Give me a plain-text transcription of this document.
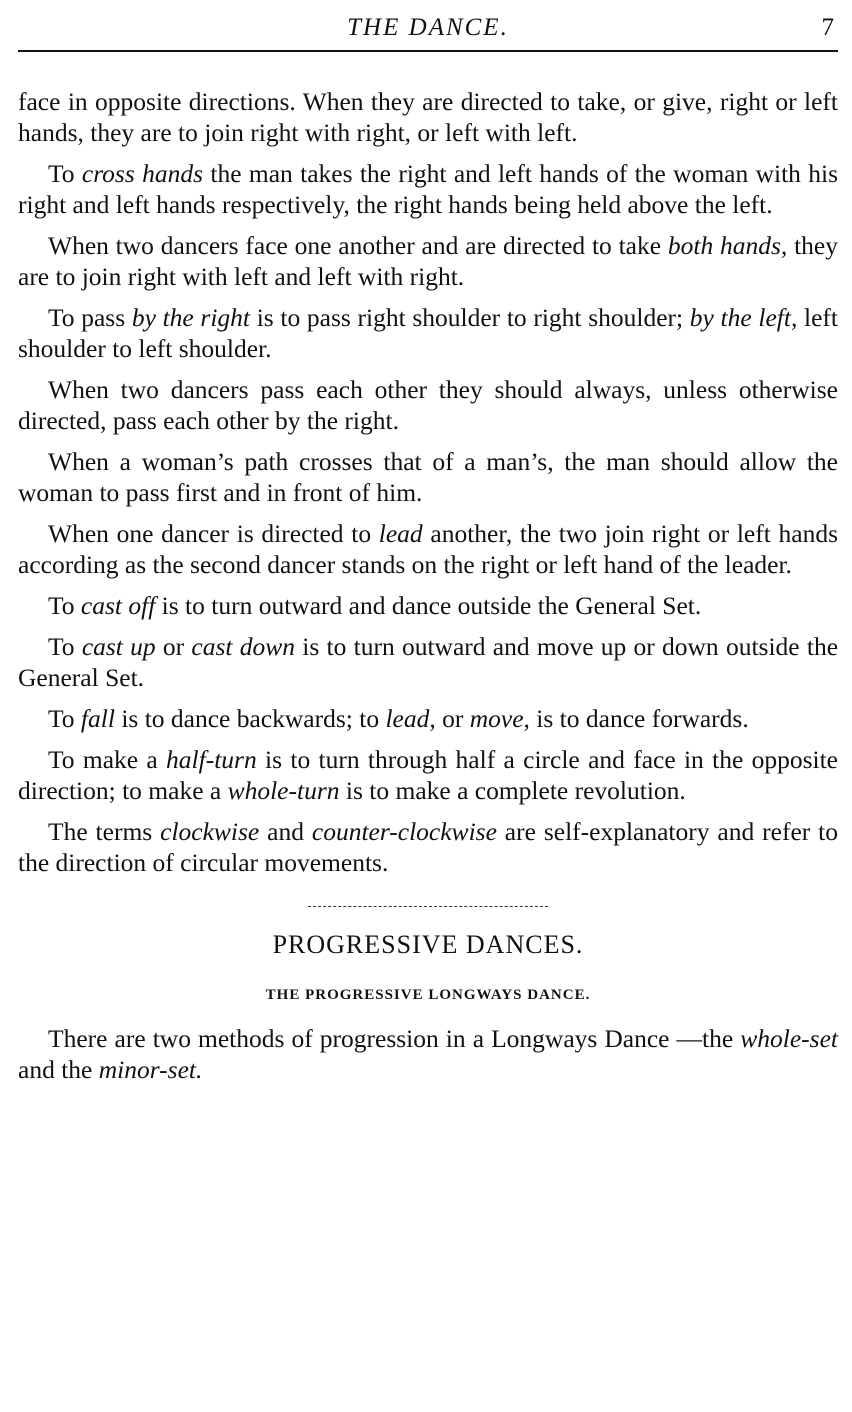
THE DANCE.	7

face in opposite directions. When they are directed to take, or give, right or left hands, they are to join right with right, or left with left.

To cross hands the man takes the right and left hands of the woman with his right and left hands respectively, the right hands being held above the left.

When two dancers face one another and are directed to take both hands, they are to join right with left and left with right.

To pass by the right is to pass right shoulder to right shoulder; by the left, left shoulder to left shoulder.

When two dancers pass each other they should always, unless otherwise directed, pass each other by the right.

When a woman’s path crosses that of a man’s, the man should allow the woman to pass first and in front of him.

When one dancer is directed to lead another, the two join right or left hands according as the second dancer stands on the right or left hand of the leader.

To cast off is to turn outward and dance outside the General Set.

To cast up or cast down is to turn outward and move up or down outside the General Set.

To fall is to dance backwards; to lead, or move, is to dance forwards.

To make a half-turn is to turn through half a circle and face in the opposite direction; to make a whole-turn is to make a complete revolution.

The terms clockwise and counter-clockwise are self-explanatory and refer to the direction of circular movements.

PROGRESSIVE DANCES.
THE PROGRESSIVE LONGWAYS DANCE.

There are two methods of progression in a Longways Dance —the whole-set and the minor-set.
